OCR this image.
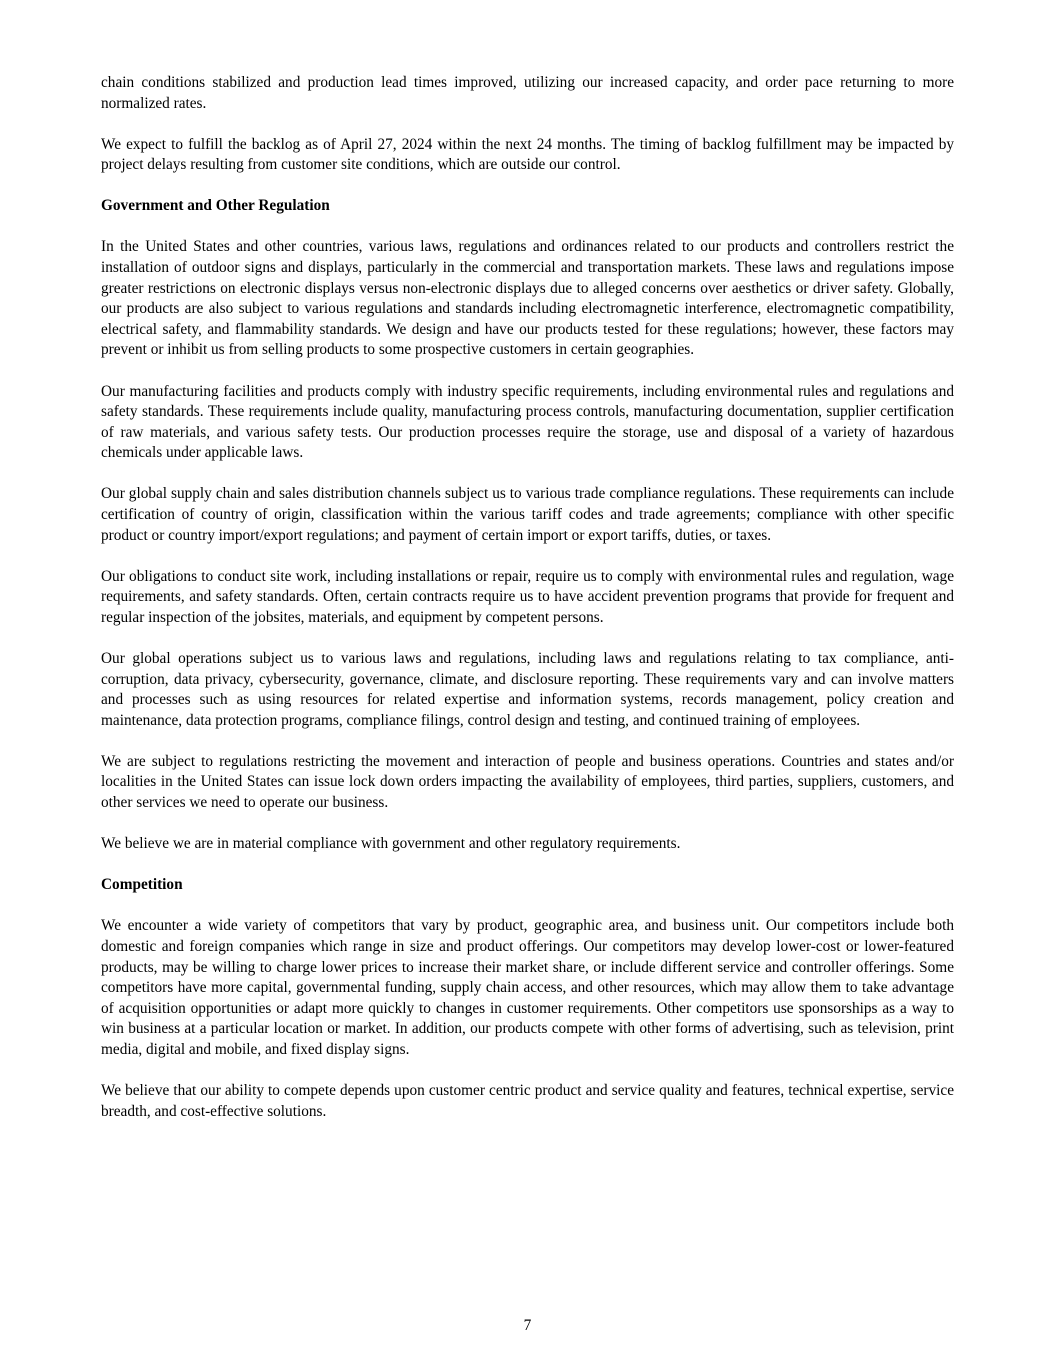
chain conditions stabilized and production lead times improved, utilizing our increased capacity, and order pace returning to more normalized rates.

We expect to fulfill the backlog as of April 27, 2024 within the next 24 months. The timing of backlog fulfillment may be impacted by project delays resulting from customer site conditions, which are outside our control.

Government and Other Regulation

In the United States and other countries, various laws, regulations and ordinances related to our products and controllers restrict the installation of outdoor signs and displays, particularly in the commercial and transportation markets. These laws and regulations impose greater restrictions on electronic displays versus non-electronic displays due to alleged concerns over aesthetics or driver safety. Globally, our products are also subject to various regulations and standards including electromagnetic interference, electromagnetic compatibility, electrical safety, and flammability standards. We design and have our products tested for these regulations; however, these factors may prevent or inhibit us from selling products to some prospective customers in certain geographies.

Our manufacturing facilities and products comply with industry specific requirements, including environmental rules and regulations and safety standards. These requirements include quality, manufacturing process controls, manufacturing documentation, supplier certification of raw materials, and various safety tests. Our production processes require the storage, use and disposal of a variety of hazardous chemicals under applicable laws.

Our global supply chain and sales distribution channels subject us to various trade compliance regulations. These requirements can include certification of country of origin, classification within the various tariff codes and trade agreements; compliance with other specific product or country import/export regulations; and payment of certain import or export tariffs, duties, or taxes.

Our obligations to conduct site work, including installations or repair, require us to comply with environmental rules and regulation, wage requirements, and safety standards. Often, certain contracts require us to have accident prevention programs that provide for frequent and regular inspection of the jobsites, materials, and equipment by competent persons.

Our global operations subject us to various laws and regulations, including laws and regulations relating to tax compliance, anti-corruption, data privacy, cybersecurity, governance, climate, and disclosure reporting. These requirements vary and can involve matters and processes such as using resources for related expertise and information systems, records management, policy creation and maintenance, data protection programs, compliance filings, control design and testing, and continued training of employees.

We are subject to regulations restricting the movement and interaction of people and business operations. Countries and states and/or localities in the United States can issue lock down orders impacting the availability of employees, third parties, suppliers, customers, and other services we need to operate our business.

We believe we are in material compliance with government and other regulatory requirements.

Competition

We encounter a wide variety of competitors that vary by product, geographic area, and business unit. Our competitors include both domestic and foreign companies which range in size and product offerings. Our competitors may develop lower-cost or lower-featured products, may be willing to charge lower prices to increase their market share, or include different service and controller offerings. Some competitors have more capital, governmental funding, supply chain access, and other resources, which may allow them to take advantage of acquisition opportunities or adapt more quickly to changes in customer requirements. Other competitors use sponsorships as a way to win business at a particular location or market. In addition, our products compete with other forms of advertising, such as television, print media, digital and mobile, and fixed display signs.

We believe that our ability to compete depends upon customer centric product and service quality and features, technical expertise, service breadth, and cost-effective solutions.

7
